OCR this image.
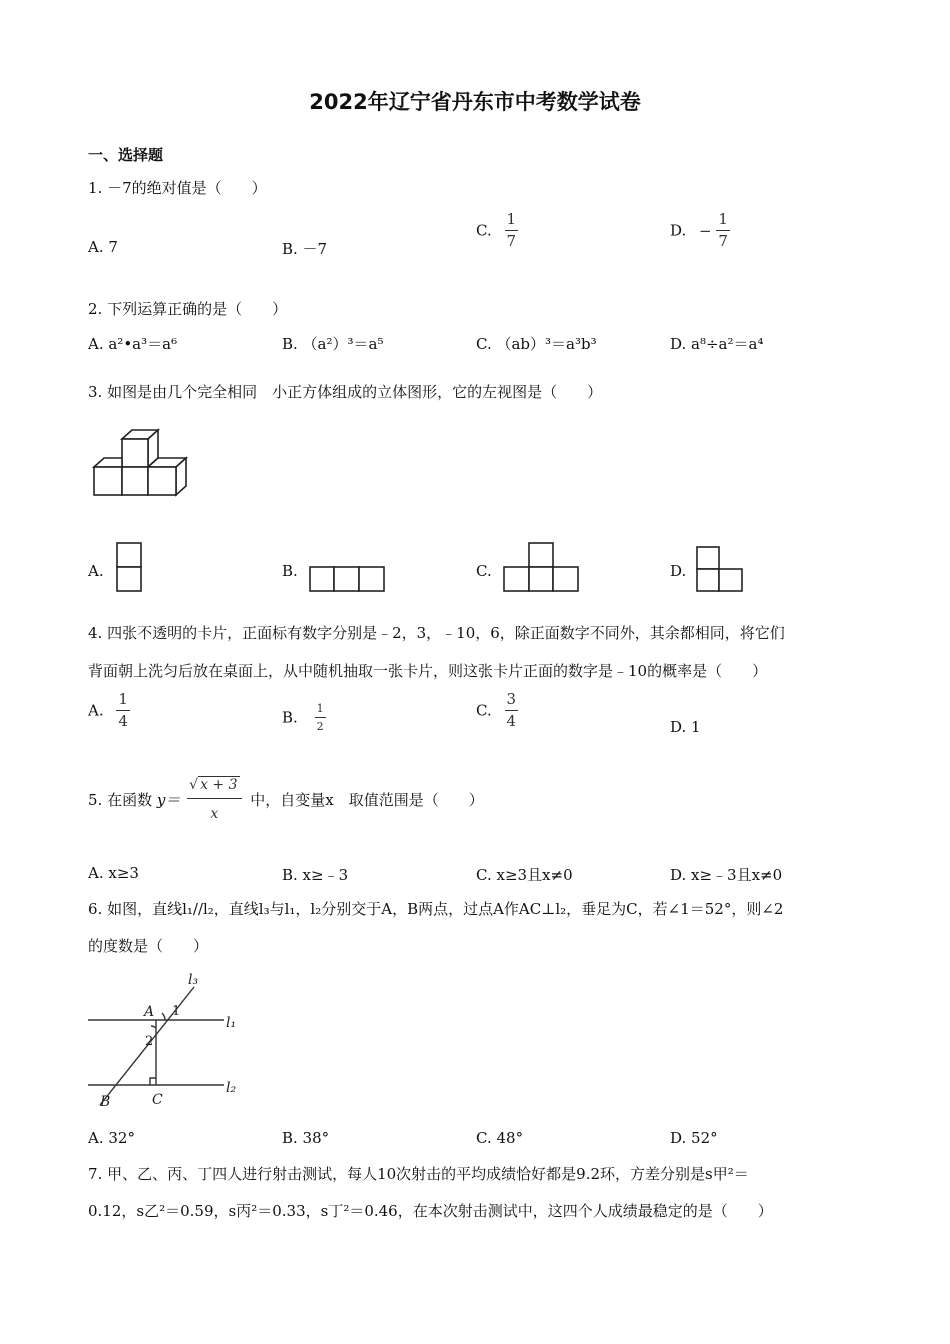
2022年辽宁省丹东市中考数学试卷
一、选择题
1. －7的绝对值是（　　）
A. 7	B. －7
C. $\frac{1}{7}$	D. − $\frac{1}{7}$
2. 下列运算正确的是（　　）
A. a²•a³＝a⁶	B. （a²）³＝a⁵	C. （ab）³＝a³b³	D. a⁸÷a²＝a⁴
3. 如图是由几个完全相同　小正方体组成的立体图形，它的左视图是（　　）
A.	B.	C.	D.
4. 四张不透明的卡片，正面标有数字分别是﹣2，3，﹣10，6，除正面数字不同外，其余都相同，将它们
背面朝上洗匀后放在桌面上，从中随机抽取一张卡片，则这张卡片正面的数字是﹣10的概率是（　　）
A. $\frac{1}{4}$	B. $\frac{1}{2}$	C. $\frac{3}{4}$	D. 1
5. 在函数 $y= \frac{√ x + 3}{x}$ 中，自变量x　取值范围是（　　）
A. x≥3	B. x≥﹣3	C. x≥3且x≠0	D. x≥﹣3且x≠0
6. 如图，直线l₁//l₂，直线l₃与l₁，l₂分别交于A，B两点，过点A作AC⊥l₂，垂足为C，若∠1＝52°，则∠2
的度数是（　　）
l₃
l₁
l₂
A
B	C
1
2
A. 32°	B. 38°	C. 48°	D. 52°
7. 甲、乙、丙、丁四人进行射击测试，每人10次射击的平均成绩恰好都是9.2环，方差分别是s甲²＝
0.12，s乙²＝0.59，s丙²＝0.33，s丁²＝0.46，在本次射击测试中，这四个人成绩最稳定的是（　　）
